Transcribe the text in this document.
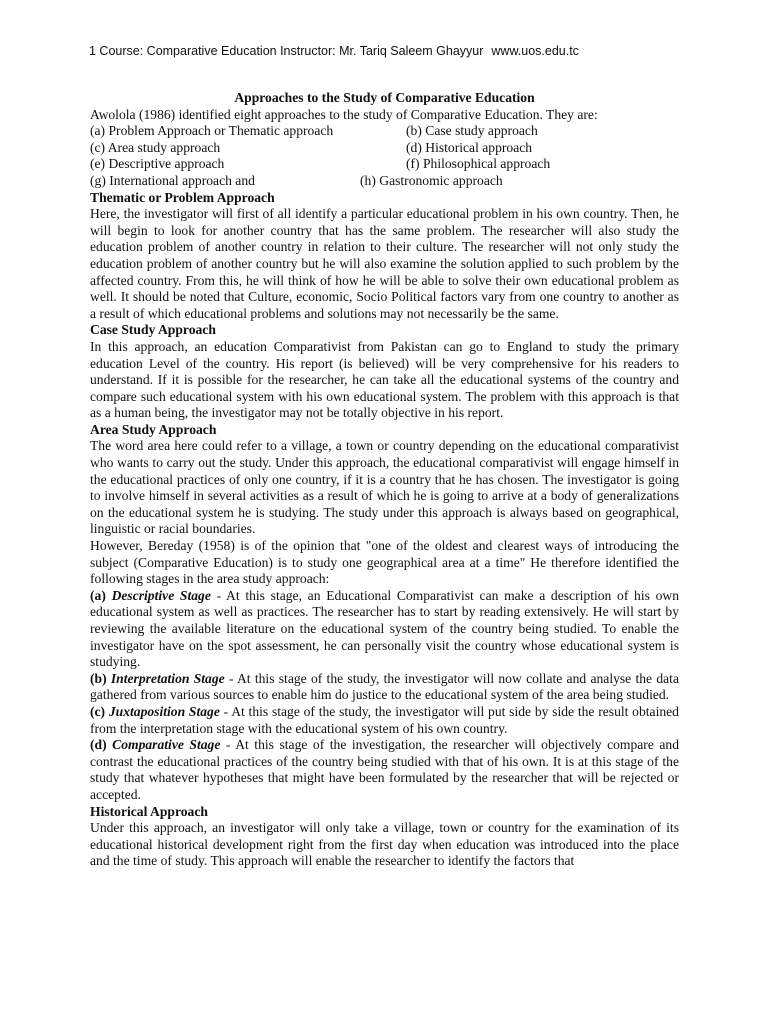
1 Course: Comparative Education Instructor: Mr. Tariq Saleem Ghayyur www.uos.edu.tc
Approaches to the Study of Comparative Education
Awolola (1986) identified eight approaches to the study of Comparative Education. They are:
(a) Problem Approach or Thematic approach	(b) Case study approach
(c) Area study approach	(d) Historical approach
(e) Descriptive approach	(f) Philosophical approach
(g) International approach and	(h) Gastronomic approach
Thematic or Problem Approach
Here, the investigator will first of all identify a particular educational problem in his own country. Then, he will begin to look for another country that has the same problem. The researcher will also study the education problem of another country in relation to their culture. The researcher will not only study the education problem of another country but he will also examine the solution applied to such problem by the affected country. From this, he will think of how he will be able to solve their own educational problem as well. It should be noted that Culture, economic, Socio Political factors vary from one country to another as a result of which educational problems and solutions may not necessarily be the same.
Case Study Approach
In this approach, an education Comparativist from Pakistan can go to England to study the primary education Level of the country. His report (is believed) will be very comprehensive for his readers to understand. If it is possible for the researcher, he can take all the educational systems of the country and compare such educational system with his own educational system. The problem with this approach is that as a human being, the investigator may not be totally objective in his report.
Area Study Approach
The word area here could refer to a village, a town or country depending on the educational comparativist who wants to carry out the study. Under this approach, the educational comparativist will engage himself in the educational practices of only one country, if it is a country that he has chosen. The investigator is going to involve himself in several activities as a result of which he is going to arrive at a body of generalizations on the educational system he is studying. The study under this approach is always based on geographical, linguistic or racial boundaries.
However, Bereday (1958) is of the opinion that "one of the oldest and clearest ways of introducing the subject (Comparative Education) is to study one geographical area at a time" He therefore identified the following stages in the area study approach:
(a) Descriptive Stage - At this stage, an Educational Comparativist can make a description of his own educational system as well as practices. The researcher has to start by reading extensively. He will start by reviewing the available literature on the educational system of the country being studied. To enable the investigator have on the spot assessment, he can personally visit the country whose educational system is studying.
(b) Interpretation Stage - At this stage of the study, the investigator will now collate and analyse the data gathered from various sources to enable him do justice to the educational system of the area being studied.
(c) Juxtaposition Stage - At this stage of the study, the investigator will put side by side the result obtained from the interpretation stage with the educational system of his own country.
(d) Comparative Stage - At this stage of the investigation, the researcher will objectively compare and contrast the educational practices of the country being studied with that of his own. It is at this stage of the study that whatever hypotheses that might have been formulated by the researcher that will be rejected or accepted.
Historical Approach
Under this approach, an investigator will only take a village, town or country for the examination of its educational historical development right from the first day when education was introduced into the place and the time of study. This approach will enable the researcher to identify the factors that
